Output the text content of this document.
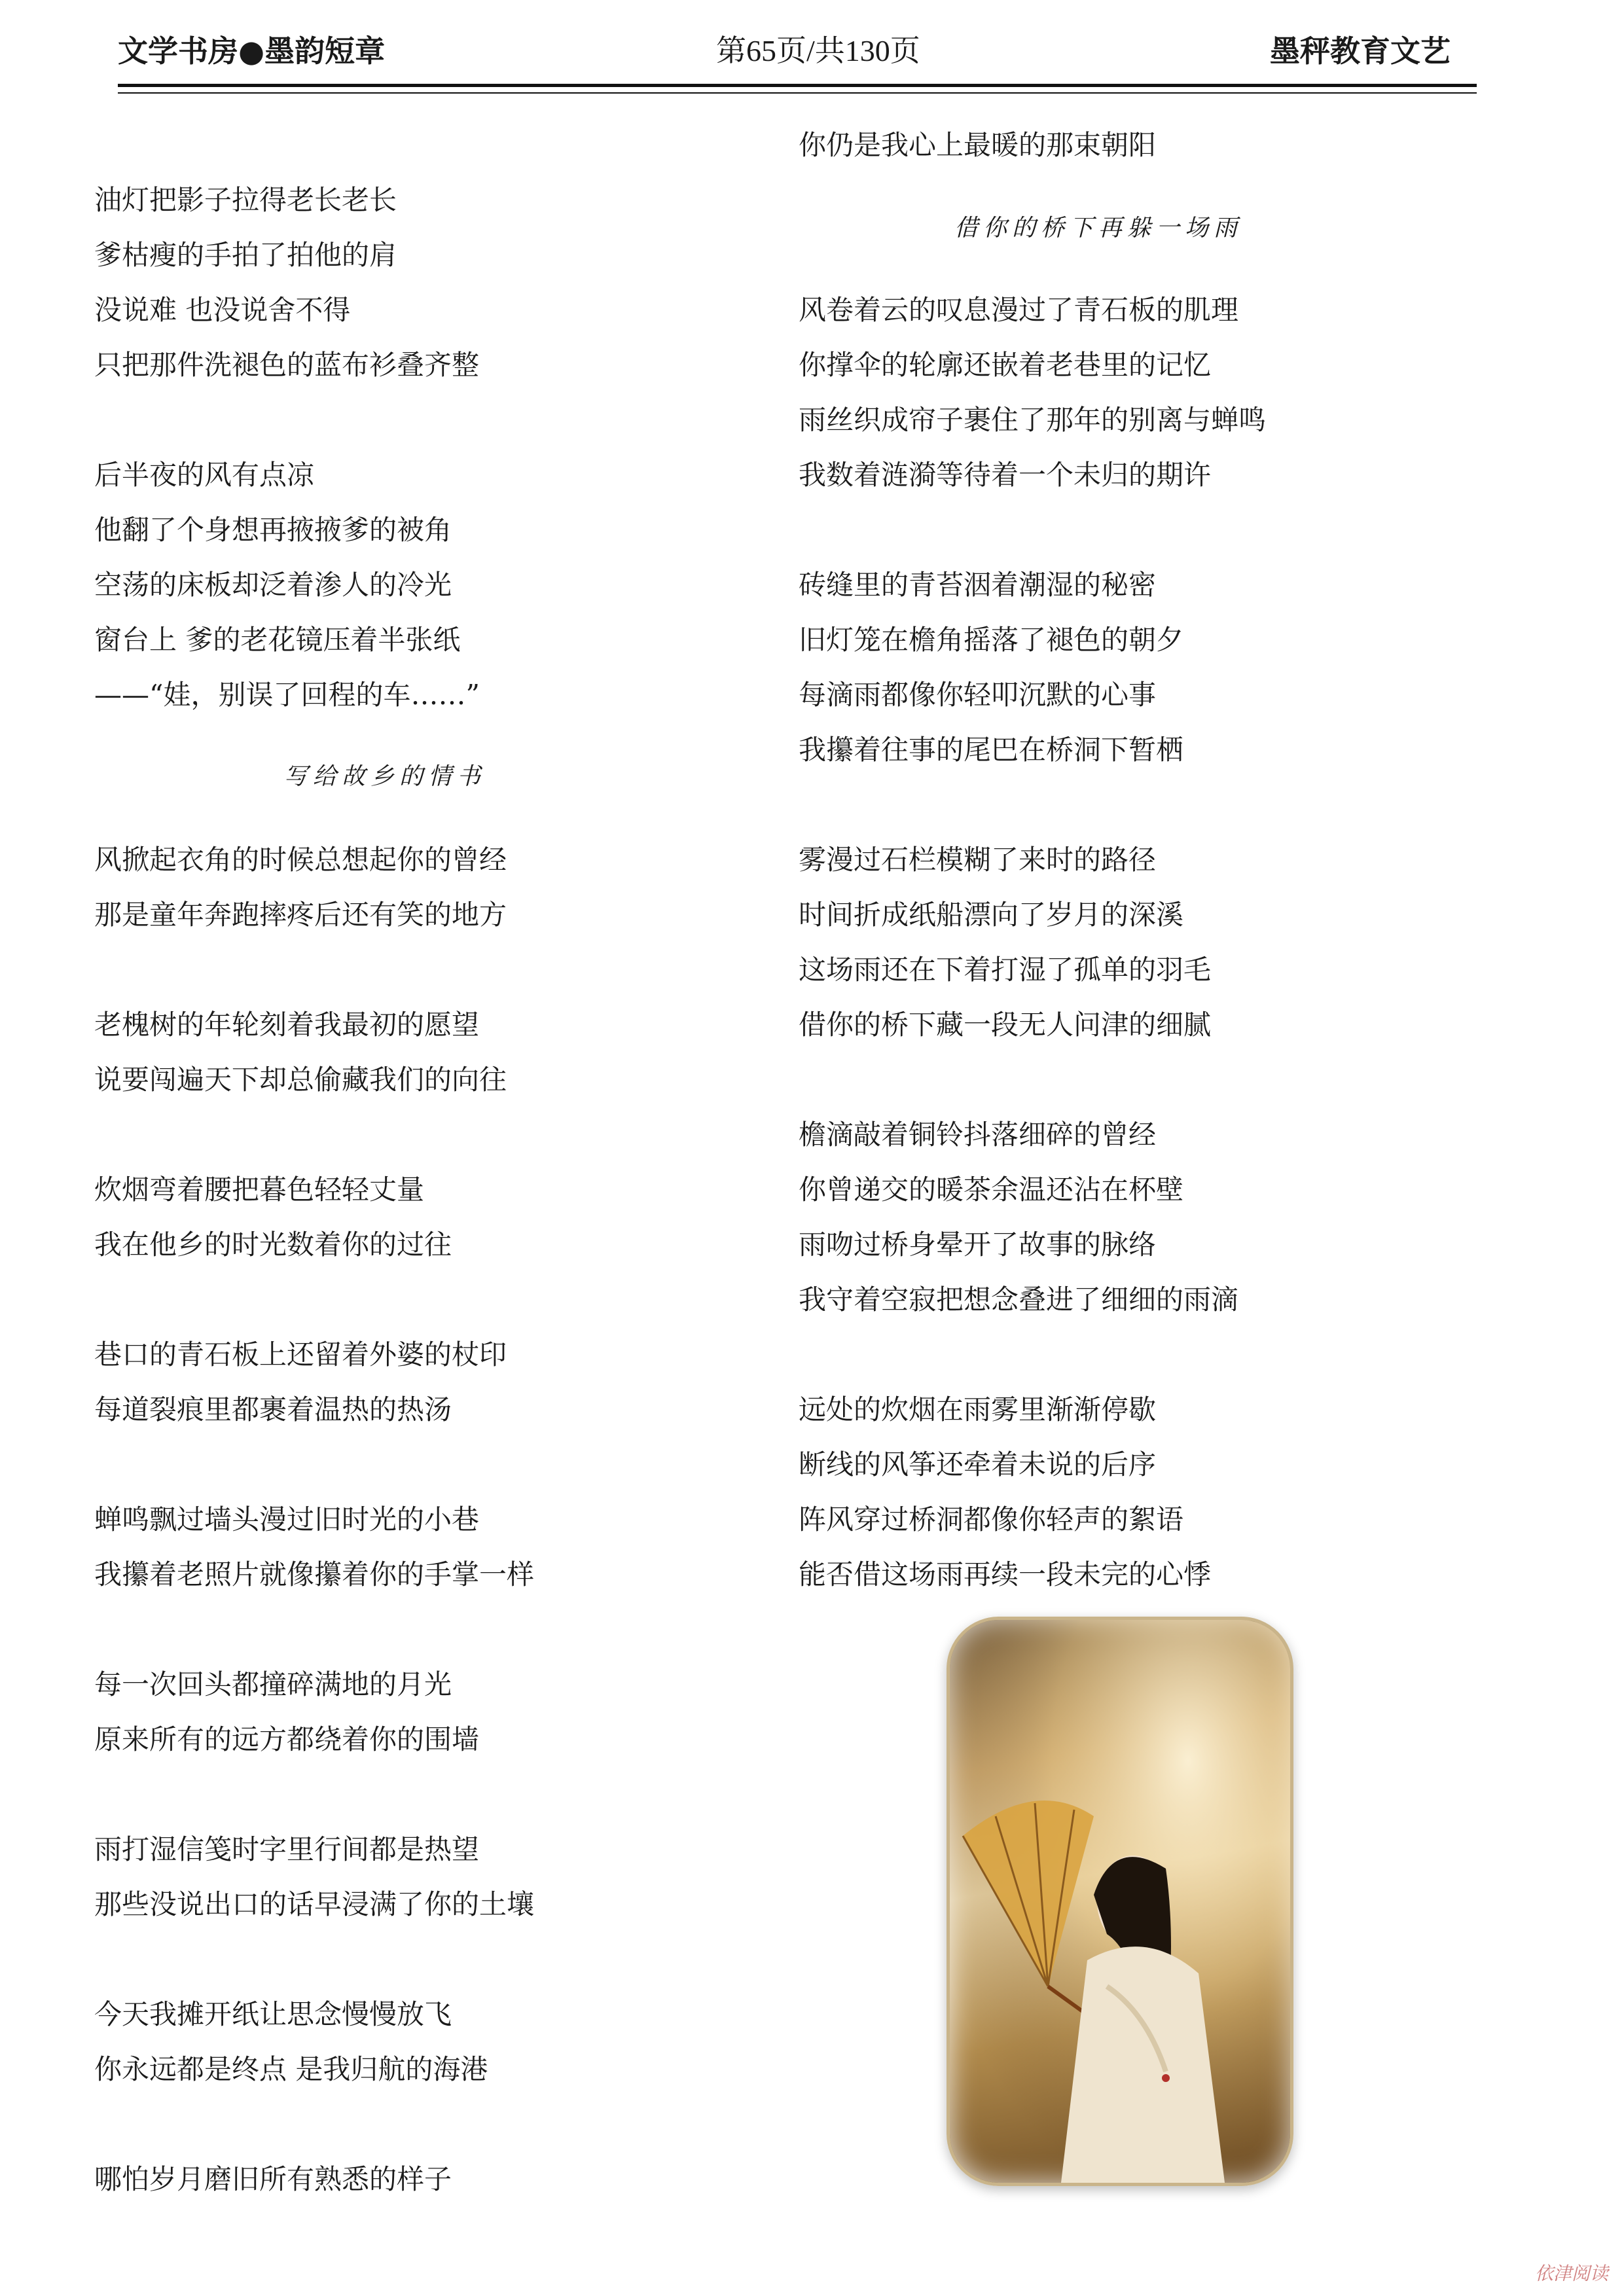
文学书房●墨韵短章	第65页/共130页	墨秤教育文艺
油灯把影子拉得老长老长
爹枯瘦的手拍了拍他的肩
没说难 也没说舍不得
只把那件洗褪色的蓝布衫叠齐整
后半夜的风有点凉
他翻了个身想再掖掖爹的被角
空荡的床板却泛着渗人的冷光
窗台上 爹的老花镜压着半张纸
——“娃，别误了回程的车……”
写给故乡的情书
风掀起衣角的时候总想起你的曾经
那是童年奔跑摔疼后还有笑的地方
老槐树的年轮刻着我最初的愿望
说要闯遍天下却总偷藏我们的向往
炊烟弯着腰把暮色轻轻丈量
我在他乡的时光数着你的过往
巷口的青石板上还留着外婆的杖印
每道裂痕里都裹着温热的热汤
蝉鸣飘过墙头漫过旧时光的小巷
我攥着老照片就像攥着你的手掌一样
每一次回头都撞碎满地的月光
原来所有的远方都绕着你的围墙
雨打湿信笺时字里行间都是热望
那些没说出口的话早浸满了你的土壤
今天我摊开纸让思念慢慢放飞
你永远都是终点 是我归航的海港
哪怕岁月磨旧所有熟悉的样子
你仍是我心上最暖的那束朝阳
借你的桥下再躲一场雨
风卷着云的叹息漫过了青石板的肌理
你撑伞的轮廓还嵌着老巷里的记忆
雨丝织成帘子裹住了那年的别离与蝉鸣
我数着涟漪等待着一个未归的期许
砖缝里的青苔洇着潮湿的秘密
旧灯笼在檐角摇落了褪色的朝夕
每滴雨都像你轻叩沉默的心事
我攥着往事的尾巴在桥洞下暂栖
雾漫过石栏模糊了来时的路径
时间折成纸船漂向了岁月的深溪
这场雨还在下着打湿了孤单的羽毛
借你的桥下藏一段无人问津的细腻
檐滴敲着铜铃抖落细碎的曾经
你曾递交的暖茶余温还沾在杯壁
雨吻过桥身晕开了故事的脉络
我守着空寂把想念叠进了细细的雨滴
远处的炊烟在雨雾里渐渐停歇
断线的风筝还牵着未说的后序
阵风穿过桥洞都像你轻声的絮语
能否借这场雨再续一段未完的心悸
依津阅读
